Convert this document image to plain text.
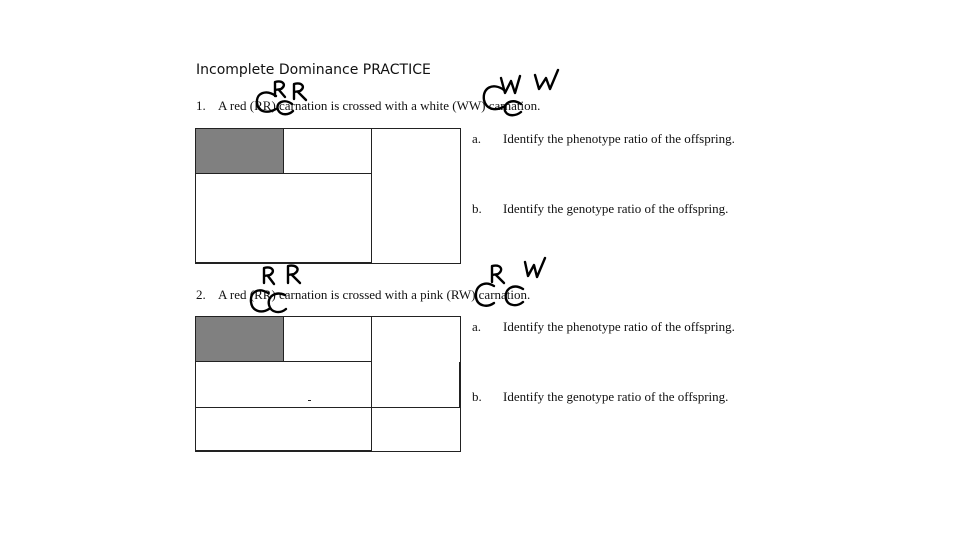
Incomplete Dominance PRACTICE
1. A red (RR) carnation is crossed with a white (WW) carnation.
a. Identify the phenotype ratio of the offspring.
b. Identify the genotype ratio of the offspring.
2. A red (RR) carnation is crossed with a pink (RW) carnation.
a. Identify the phenotype ratio of the offspring.
b. Identify the genotype ratio of the offspring.
